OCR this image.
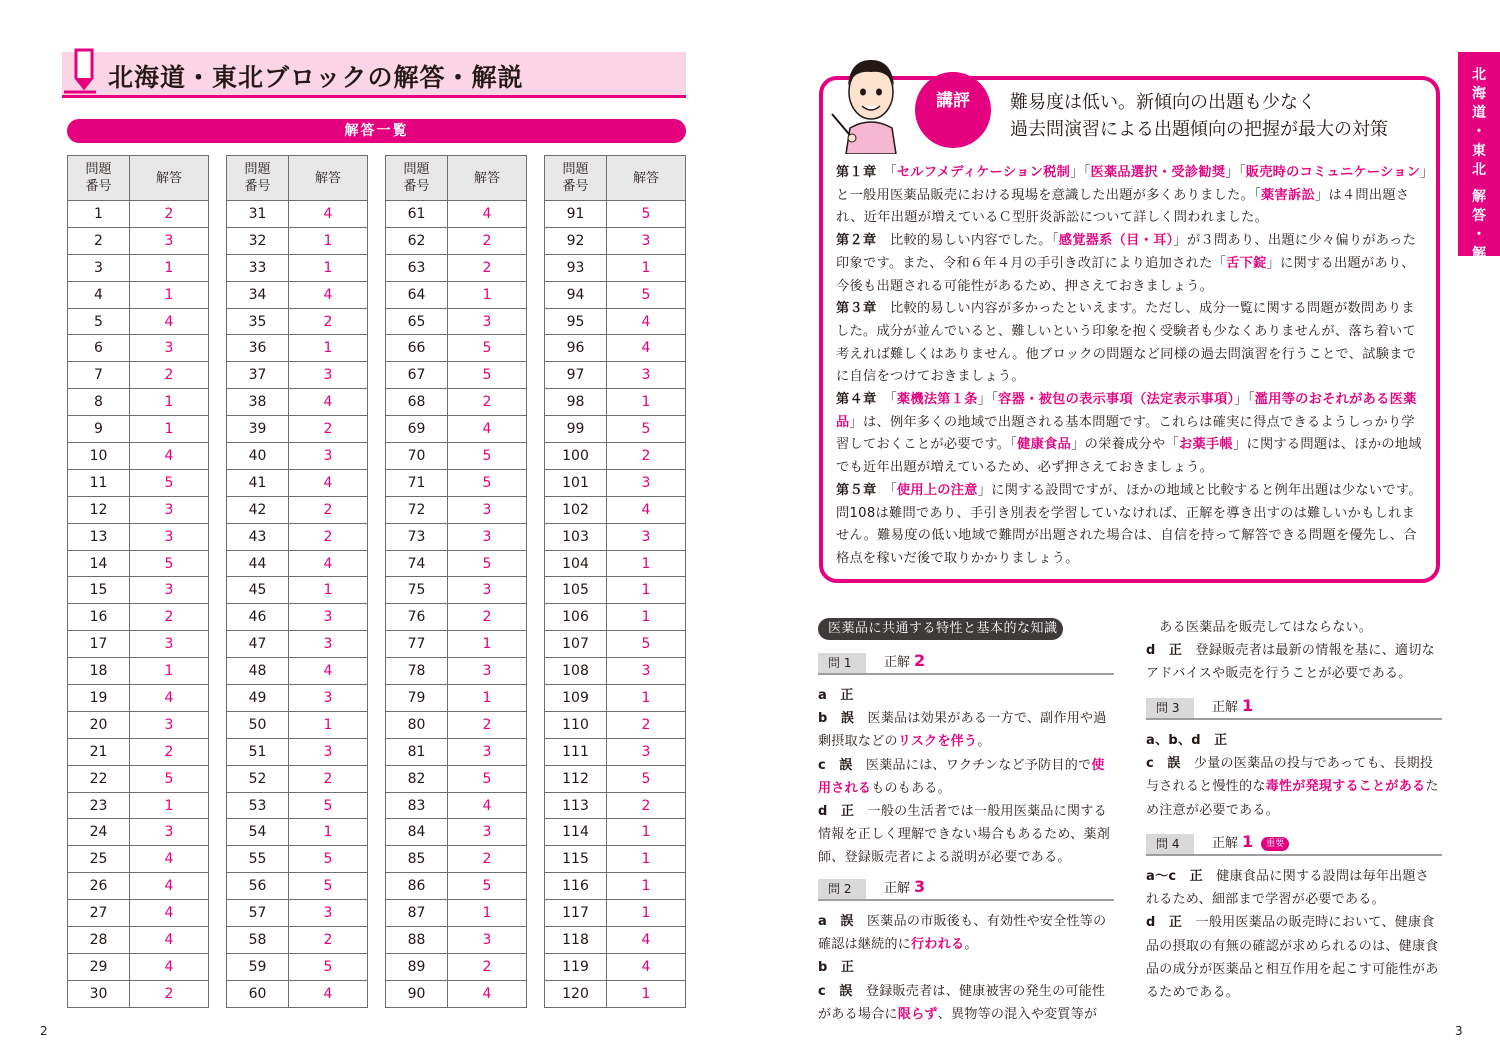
北海道・東北ブロックの解答・解説
解答一覧
問題
番号	解答
1	2
2	3
3	1
4	1
5	4
6	3
7	2
8	1
9	1
10	4
11	5
12	3
13	3
14	5
15	3
16	2
17	3
18	1
19	4
20	3
21	2
22	5
23	1
24	3
25	4
26	4
27	4
28	4
29	4
30	2
問題
番号	解答
31	4
32	1
33	1
34	4
35	2
36	1
37	3
38	4
39	2
40	3
41	4
42	2
43	2
44	4
45	1
46	3
47	3
48	4
49	3
50	1
51	3
52	2
53	5
54	1
55	5
56	5
57	3
58	2
59	5
60	4
問題
番号	解答
61	4
62	2
63	2
64	1
65	3
66	5
67	5
68	2
69	4
70	5
71	5
72	3
73	3
74	5
75	3
76	2
77	1
78	3
79	1
80	2
81	3
82	5
83	4
84	3
85	2
86	5
87	1
88	3
89	2
90	4
問題
番号	解答
91	5
92	3
93	1
94	5
95	4
96	4
97	3
98	1
99	5
100	2
101	3
102	4
103	3
104	1
105	1
106	1
107	5
108	3
109	1
110	2
111	3
112	5
113	2
114	1
115	1
116	1
117	1
118	4
119	4
120	1
2
北
海
道
・
東
北
解
答
・
解
説
講評	難易度は低い。新傾向の出題も少なく
過去問演習による出題傾向の把握が最大の対策

第１章　「セルフメディケーション税制」「医薬品選択・受診勧奨」「販売時のコミュニケーション」と一般用医薬品販売における現場を意識した出題が多くありました。「薬害訴訟」は４問出題され、近年出題が増えているＣ型肝炎訴訟について詳しく問われました。

第２章　比較的易しい内容でした。「感覚器系（目・耳）」が３問あり、出題に少々偏りがあった印象です。また、令和６年４月の手引き改訂により追加された「舌下錠」に関する出題があり、今後も出題される可能性があるため、押さえておきましょう。

第３章　比較的易しい内容が多かったといえます。ただし、成分一覧に関する問題が数問ありました。成分が並んでいると、難しいという印象を抱く受験者も少なくありませんが、落ち着いて考えれば難しくはありません。他ブロックの問題など同様の過去問演習を行うことで、試験までに自信をつけておきましょう。

第４章　「薬機法第１条」「容器・被包の表示事項（法定表示事項）」「濫用等のおそれがある医薬品」は、例年多くの地域で出題される基本問題です。これらは確実に得点できるようしっかり学習しておくことが必要です。「健康食品」の栄養成分や「お薬手帳」に関する問題は、ほかの地域でも近年出題が増えているため、必ず押さえておきましょう。

第５章　「使用上の注意」に関する設問ですが、ほかの地域と比較すると例年出題は少ないです。問108は難問であり、手引き別表を学習していなければ、正解を導き出すのは難しいかもしれません。難易度の低い地域で難問が出題された場合は、自信を持って解答できる問題を優先し、合格点を稼いだ後で取りかかりましょう。

医薬品に共通する特性と基本的な知識
問 1	正解 2

a　正

b　誤　医薬品は効果がある一方で、副作用や過剰摂取などのリスクを伴う。

c　誤　医薬品には、ワクチンなど予防目的で使用されるものもある。

d　正　一般の生活者では一般用医薬品に関する情報を正しく理解できない場合もあるため、薬剤師、登録販売者による説明が必要である。

問 2	正解 3

a　誤　医薬品の市販後も、有効性や安全性等の確認は継続的に行われる。

b　正

c　誤　登録販売者は、健康被害の発生の可能性がある場合に限らず、異物等の混入や変質等が

　ある医薬品を販売してはならない。

d　正　登録販売者は最新の情報を基に、適切なアドバイスや販売を行うことが必要である。

問 3	正解 1

a、b、d　正

c　誤　少量の医薬品の投与であっても、長期投与されると慢性的な毒性が発現することがあるため注意が必要である。

問 4	正解 1 重要

a～c　正　健康食品に関する設問は毎年出題されるため、細部まで学習が必要である。

d　正　一般用医薬品の販売時において、健康食品の摂取の有無の確認が求められるのは、健康食品の成分が医薬品と相互作用を起こす可能性があるためである。

3
